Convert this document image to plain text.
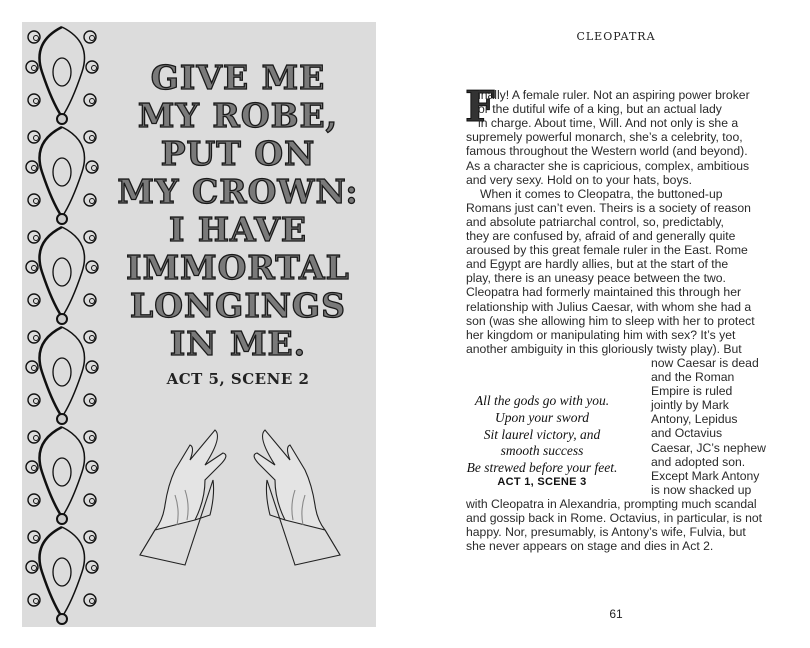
GIVE ME
MY ROBE,
PUT ON
MY CROWN:
I HAVE
IMMORTAL
LONGINGS
IN ME.
ACT 5, SCENE 2
CLEOPATRA
F
inally! A female ruler. Not an aspiring power broker
or the dutiful wife of a king, but an actual lady
in charge. About time, Will. And not only is she a
supremely powerful monarch, she’s a celebrity, too,
famous throughout the Western world (and beyond).
As a character she is capricious, complex, ambitious
and very sexy. Hold on to your hats, boys.
When it comes to Cleopatra, the buttoned-up
Romans just can’t even. Theirs is a society of reason
and absolute patriarchal control, so, predictably,
they are confused by, afraid of and generally quite
aroused by this great female ruler in the East. Rome
and Egypt are hardly allies, but at the start of the
play, there is an uneasy peace between the two.
Cleopatra had formerly maintained this through her
relationship with Julius Caesar, with whom she had a
son (was she allowing him to sleep with her to protect
her kingdom or manipulating him with sex? It’s yet
another ambiguity in this gloriously twisty play). But
now Caesar is dead
and the Roman
Empire is ruled
jointly by Mark
Antony, Lepidus
and Octavius
Caesar, JC’s nephew
and adopted son.
Except Mark Antony
is now shacked up
with Cleopatra in Alexandria, prompting much scandal
and gossip back in Rome. Octavius, in particular, is not
happy. Nor, presumably, is Antony’s wife, Fulvia, but
she never appears on stage and dies in Act 2.
All the gods go with you.
Upon your sword
Sit laurel victory, and
smooth success
Be strewed before your feet.
ACT 1, SCENE 3
61
